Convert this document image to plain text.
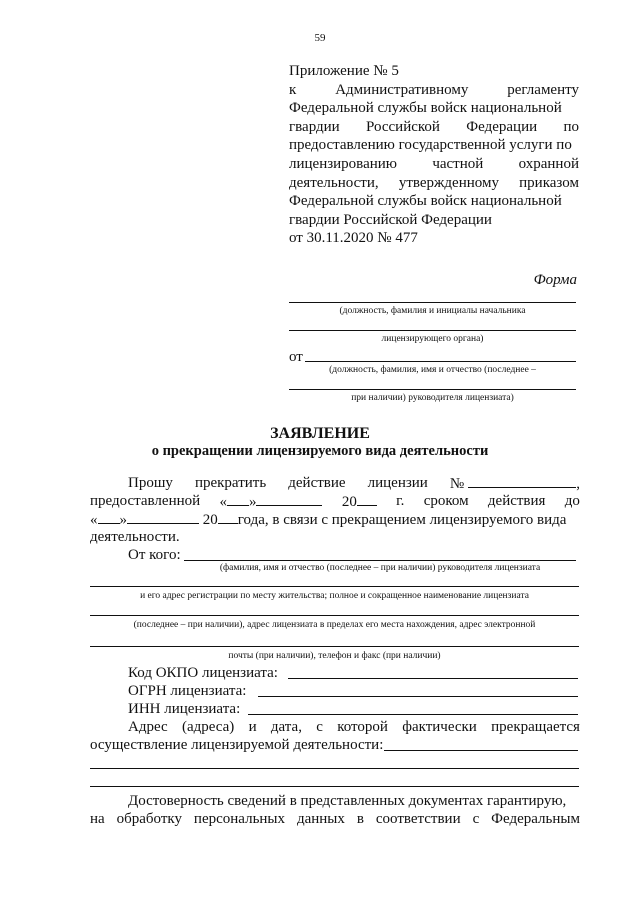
59
Приложение № 5
к	Административному	регламенту
Федеральной службы войск национальной
гвардии Российской Федерации по
предоставлению государственной услуги по
лицензированию частной охранной
деятельности, утвержденному приказом
Федеральной службы войск национальной
гвардии Российской Федерации
от 30.11.2020 № 477
Форма
(должность, фамилия и инициалы начальника
лицензирующего органа)
от
(должность, фамилия, имя и отчество (последнее –
при наличии) руководителя лицензиата)
ЗАЯВЛЕНИЕ
о прекращении лицензируемого вида деятельности
Прошу прекратить действие лицензии №	,
предоставленной « »	20	г. сроком действия до
« »	20 года, в связи с прекращением лицензируемого вида
деятельности.
От кого:
(фамилия, имя и отчество (последнее – при наличии) руководителя лицензиата
и его адрес регистрации по месту жительства; полное и сокращенное наименование лицензиата
(последнее – при наличии), адрес лицензиата в пределах его места нахождения, адрес электронной
почты (при наличии), телефон и факс (при наличии)
Код ОКПО лицензиата:
ОГРН лицензиата:
ИНН лицензиата:
Адрес (адреса) и дата, с которой фактически прекращается
осуществление лицензируемой деятельности:
Достоверность сведений в представленных документах гарантирую,
на обработку персональных данных в соответствии с Федеральным
